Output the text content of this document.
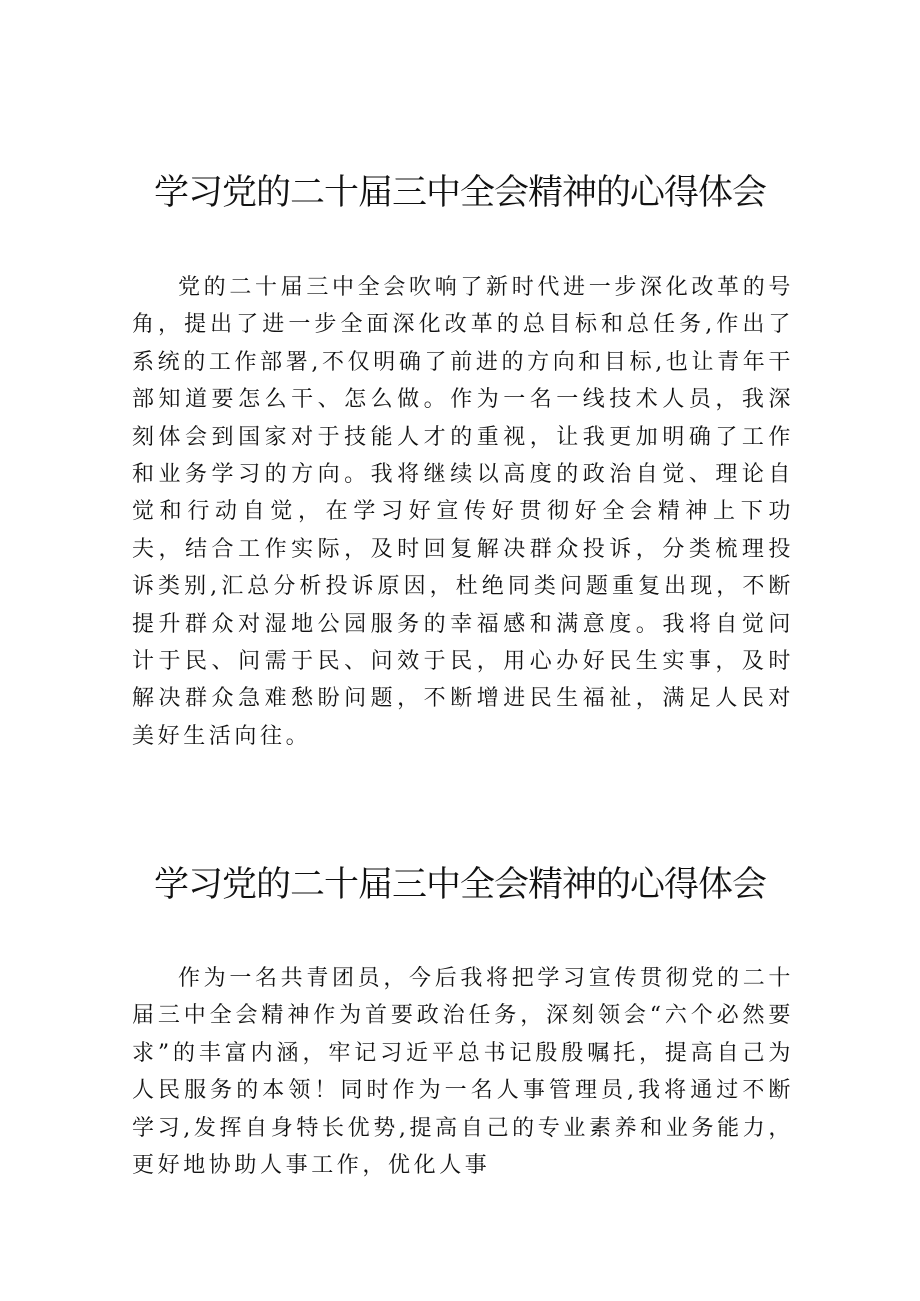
学习党的二十届三中全会精神的心得体会

党的二十届三中全会吹响了新时代进一步深化改革的号角，提出了进一步全面深化改革的总目标和总任务,作出了系统的工作部署,不仅明确了前进的方向和目标,也让青年干部知道要怎么干、怎么做。作为一名一线技术人员，我深刻体会到国家对于技能人才的重视，让我更加明确了工作和业务学习的方向。我将继续以高度的政治自觉、理论自觉和行动自觉，在学习好宣传好贯彻好全会精神上下功夫，结合工作实际，及时回复解决群众投诉，分类梳理投诉类别,汇总分析投诉原因，杜绝同类问题重复出现，不断提升群众对湿地公园服务的幸福感和满意度。我将自觉问计于民、问需于民、问效于民，用心办好民生实事，及时解决群众急难愁盼问题，不断增进民生福祉，满足人民对美好生活向往。

学习党的二十届三中全会精神的心得体会

作为一名共青团员，今后我将把学习宣传贯彻党的二十届三中全会精神作为首要政治任务，深刻领会“六个必然要求”的丰富内涵，牢记习近平总书记殷殷嘱托，提高自己为人民服务的本领！同时作为一名人事管理员,我将通过不断学习,发挥自身特长优势,提高自己的专业素养和业务能力，更好地协助人事工作，优化人事
